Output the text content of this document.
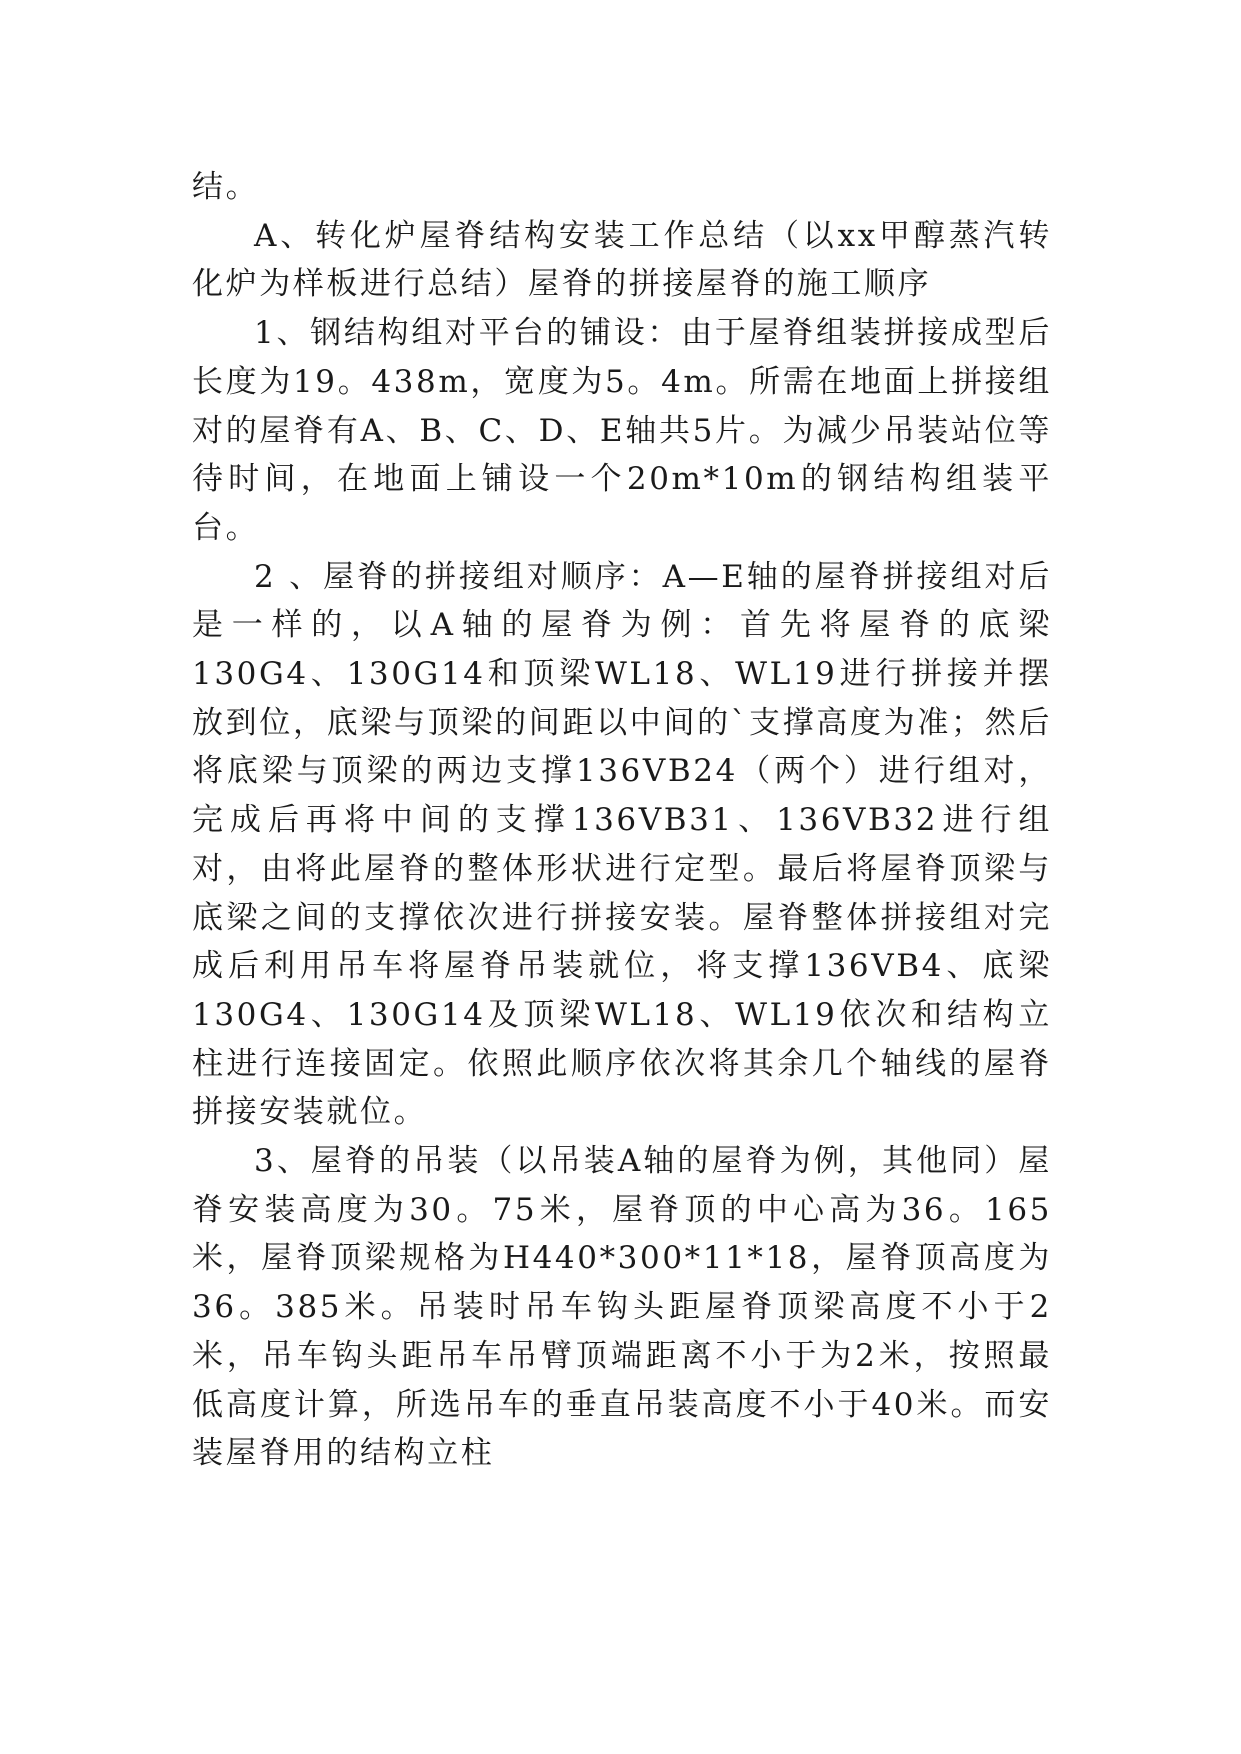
结。

A、转化炉屋脊结构安装工作总结（以xx甲醇蒸汽转化炉为样板进行总结）屋脊的拼接屋脊的施工顺序

1、钢结构组对平台的铺设：由于屋脊组装拼接成型后长度为19。438m，宽度为5。4m。所需在地面上拼接组对的屋脊有A、B、C、D、E轴共5片。为减少吊装站位等待时间，在地面上铺设一个20m*10m的钢结构组装平台。

2 、屋脊的拼接组对顺序：A—E轴的屋脊拼接组对后是一样的，以A轴的屋脊为例：首先将屋脊的底梁130G4、130G14和顶梁WL18、WL19进行拼接并摆放到位，底梁与顶梁的间距以中间的`支撑高度为准；然后将底梁与顶梁的两边支撑136VB24（两个）进行组对，完成后再将中间的支撑136VB31、136VB32进行组对，由将此屋脊的整体形状进行定型。最后将屋脊顶梁与底梁之间的支撑依次进行拼接安装。屋脊整体拼接组对完成后利用吊车将屋脊吊装就位，将支撑136VB4、底梁130G4、130G14及顶梁WL18、WL19依次和结构立柱进行连接固定。依照此顺序依次将其余几个轴线的屋脊拼接安装就位。

3、屋脊的吊装（以吊装A轴的屋脊为例，其他同）屋脊安装高度为30。75米，屋脊顶的中心高为36。165米，屋脊顶梁规格为H440*300*11*18，屋脊顶高度为36。385米。吊装时吊车钩头距屋脊顶梁高度不小于2米，吊车钩头距吊车吊臂顶端距离不小于为2米，按照最低高度计算，所选吊车的垂直吊装高度不小于40米。而安装屋脊用的结构立柱
